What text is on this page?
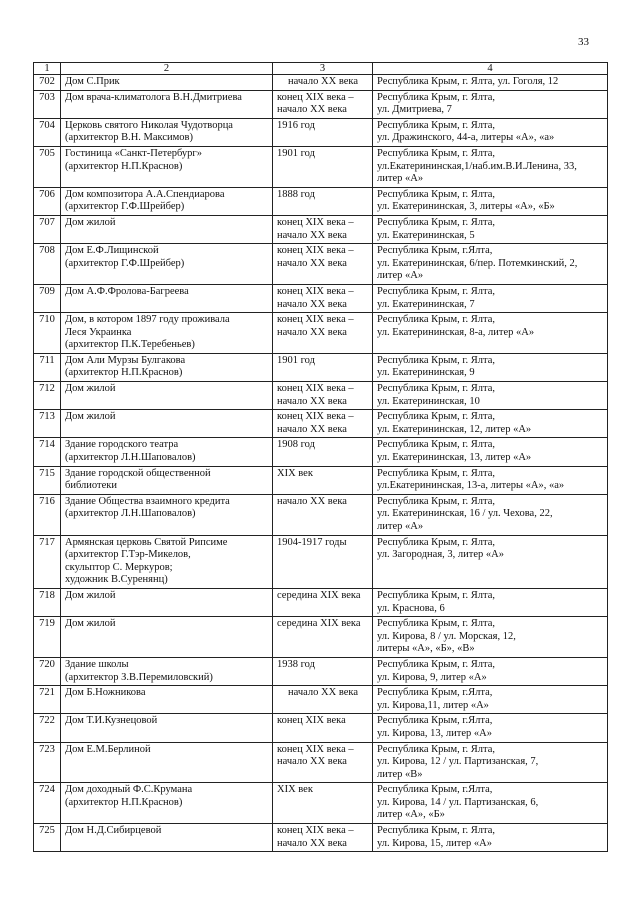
33
1	2	3	4
702	Дом С.Прик	начало XX века	Республика Крым, г. Ялта, ул. Гоголя, 12

703	Дом врача-климатолога В.Н.Дмитриева	конец XIX века –
начало XX века	Республика Крым, г. Ялта,
ул. Дмитриева, 7

704	Церковь святого Николая Чудотворца
(архитектор В.Н. Максимов)	1916 год	Республика Крым, г. Ялта,
ул. Дражинского, 44-а, литеры «А», «а»

705	Гостиница «Санкт-Петербург»
(архитектор Н.П.Краснов)	1901 год	Республика Крым, г. Ялта,
ул.Екатерининская,1/наб.им.В.И.Ленина, 33,
литер «А»

706	Дом композитора А.А.Спендиарова
(архитектор Г.Ф.Шрейбер)	1888 год	Республика Крым, г. Ялта,
ул. Екатерининская, 3, литеры «А», «Б»

707	Дом жилой	конец XIX века –
начало XX века	Республика Крым, г. Ялта,
ул. Екатерининская, 5

708	Дом Е.Ф.Лищинской
(архитектор Г.Ф.Шрейбер)	конец XIX века –
начало XX века	Республика Крым, г.Ялта,
ул. Екатерининская, 6/пер. Потемкинский, 2,
литер «А»

709	Дом А.Ф.Фролова-Багреева	конец XIX века –
начало XX века	Республика Крым, г. Ялта,
ул. Екатерининская, 7

710	Дом, в котором 1897 году проживала
Леся Украинка
(архитектор П.К.Теребеньев)	конец XIX века –
начало XX века	Республика Крым, г. Ялта,
ул. Екатерининская, 8-а, литер «А»

711	Дом Али Мурзы Булгакова
(архитектор Н.П.Краснов)	1901 год	Республика Крым, г. Ялта,
ул. Екатерининская, 9

712	Дом жилой	конец XIX века –
начало XX века	Республика Крым, г. Ялта,
ул. Екатерининская, 10

713	Дом жилой	конец XIX века –
начало XX века	Республика Крым, г. Ялта,
ул. Екатерининская, 12, литер «А»

714	Здание городского театра
(архитектор Л.Н.Шаповалов)	1908 год	Республика Крым, г. Ялта,
ул. Екатерининская, 13, литер «А»

715	Здание городской общественной
библиотеки	XIX век	Республика Крым, г. Ялта,
ул.Екатерининская, 13-а, литеры «А», «а»

716	Здание Общества взаимного кредита
(архитектор Л.Н.Шаповалов)	начало XX века	Республика Крым, г. Ялта,
ул. Екатерининская, 16 / ул. Чехова, 22,
литер «А»

717	Армянская церковь Святой Рипсиме
(архитектор Г.Тэр-Микелов,
скульптор С. Меркуров;
художник В.Суренянц)	1904-1917 годы	Республика Крым, г. Ялта,
ул. Загородная, 3, литер «А»

718	Дом жилой	середина XIX века	Республика Крым, г. Ялта,
ул. Краснова, 6

719	Дом жилой	середина XIX века	Республика Крым, г. Ялта,
ул. Кирова, 8 / ул. Морская, 12,
литеры «А», «Б», «В»

720	Здание школы
(архитектор З.В.Перемиловский)	1938 год	Республика Крым, г. Ялта,
ул. Кирова, 9, литер «А»

721	Дом Б.Ножникова	начало XX века	Республика Крым, г.Ялта,
ул. Кирова,11, литер «А»

722	Дом Т.И.Кузнецовой	конец XIX века	Республика Крым, г.Ялта,
ул. Кирова, 13, литер «А»

723	Дом Е.М.Берлиной	конец XIX века –
начало XX века	Республика Крым, г. Ялта,
ул. Кирова, 12 / ул. Партизанская, 7,
литер «В»

724	Дом доходный Ф.С.Крумана
(архитектор Н.П.Краснов)	XIX век	Республика Крым, г.Ялта,
ул. Кирова, 14 / ул. Партизанская, 6,
литер «А», «Б»

725	Дом Н.Д.Сибирцевой	конец XIX века –
начало XX века	Республика Крым, г. Ялта,
ул. Кирова, 15, литер «А»
